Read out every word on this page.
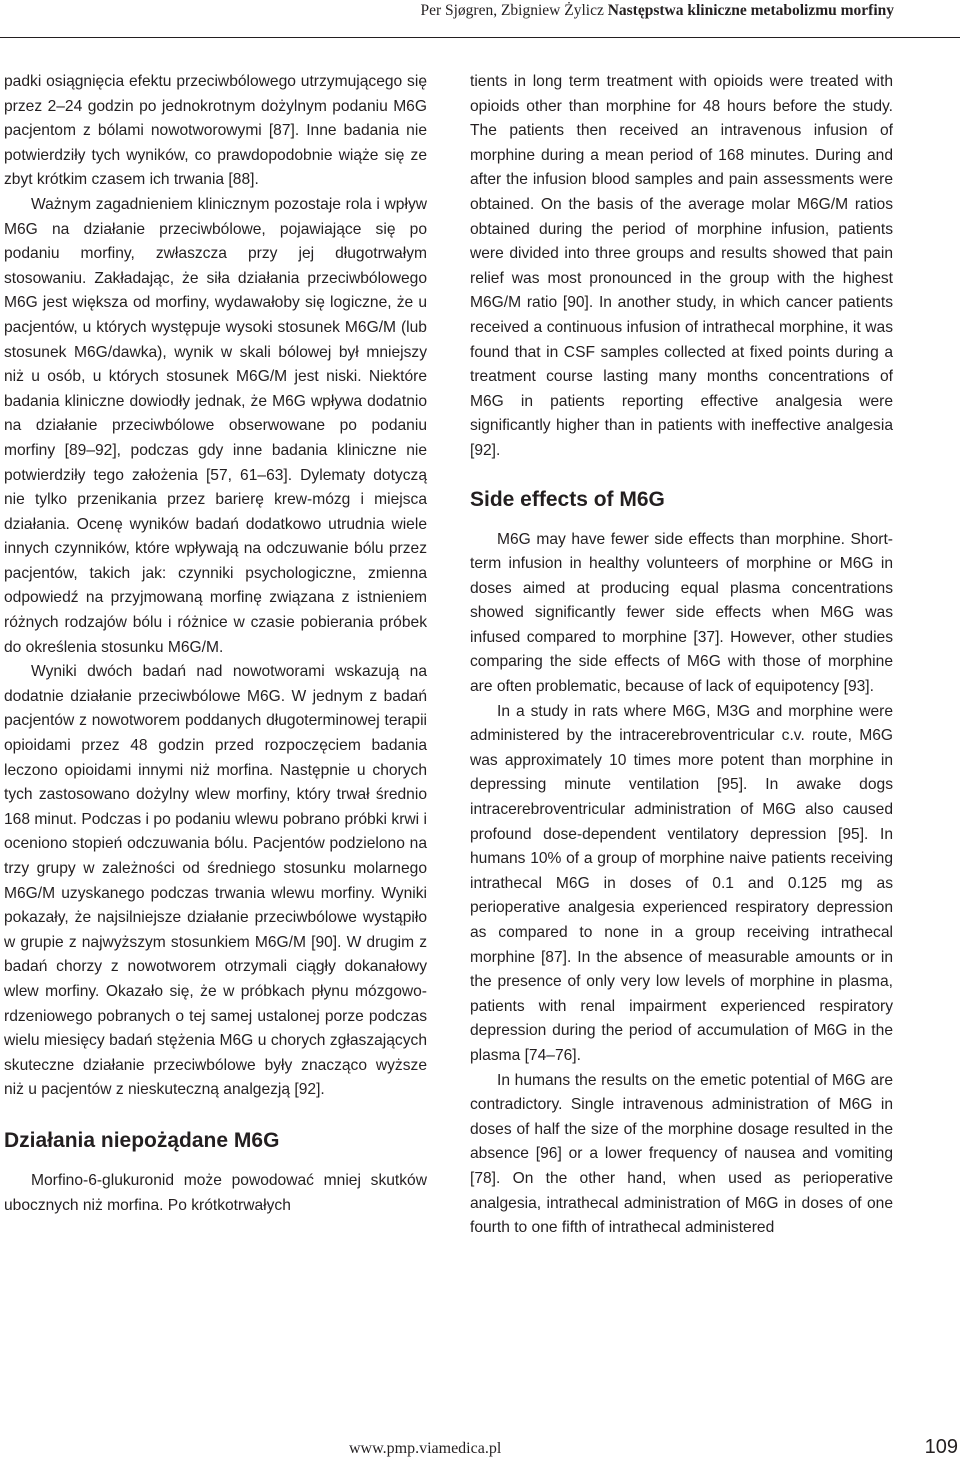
Per Sjøgren, Zbigniew Żylicz Następstwa kliniczne metabolizmu morfiny

padki osiągnięcia efektu przeciwbólowego utrzymującego się przez 2–24 godzin po jednokrotnym dożylnym podaniu M6G pacjentom z bólami nowotworowymi [87]. Inne badania nie potwierdziły tych wyników, co prawdopodobnie wiąże się ze zbyt krótkim czasem ich trwania [88].

Ważnym zagadnieniem klinicznym pozostaje rola i wpływ M6G na działanie przeciwbólowe, pojawiające się po podaniu morfiny, zwłaszcza przy jej długotrwałym stosowaniu. Zakładając, że siła działania przeciwbólowego M6G jest większa od morfiny, wydawałoby się logiczne, że u pacjentów, u których występuje wysoki stosunek M6G/M (lub stosunek M6G/dawka), wynik w skali bólowej był mniejszy niż u osób, u których stosunek M6G/M jest niski. Niektóre badania kliniczne dowiodły jednak, że M6G wpływa dodatnio na działanie przeciwbólowe obserwowane po podaniu morfiny [89–92], podczas gdy inne badania kliniczne nie potwierdziły tego założenia [57, 61–63]. Dylematy dotyczą nie tylko przenikania przez barierę krew-mózg i miejsca działania. Ocenę wyników badań dodatkowo utrudnia wiele innych czynników, które wpływają na odczuwanie bólu przez pacjentów, takich jak: czynniki psychologiczne, zmienna odpowiedź na przyjmowaną morfinę związana z istnieniem różnych rodzajów bólu i różnice w czasie pobierania próbek do określenia stosunku M6G/M.

Wyniki dwóch badań nad nowotworami wskazują na dodatnie działanie przeciwbólowe M6G. W jednym z badań pacjentów z nowotworem poddanych długoterminowej terapii opioidami przez 48 godzin przed rozpoczęciem badania leczono opioidami innymi niż morfina. Następnie u chorych tych zastosowano dożylny wlew morfiny, który trwał średnio 168 minut. Podczas i po podaniu wlewu pobrano próbki krwi i oceniono stopień odczuwania bólu. Pacjentów podzielono na trzy grupy w zależności od średniego stosunku molarnego M6G/M uzyskanego podczas trwania wlewu morfiny. Wyniki pokazały, że najsilniejsze działanie przeciwbólowe wystąpiło w grupie z najwyższym stosunkiem M6G/M [90]. W drugim z badań chorzy z nowotworem otrzymali ciągły dokanałowy wlew morfiny. Okazało się, że w próbkach płynu mózgowo-rdzeniowego pobranych o tej samej ustalonej porze podczas wielu miesięcy badań stężenia M6G u chorych zgłaszających skuteczne działanie przeciwbólowe były znacząco wyższe niż u pacjentów z nieskuteczną analgezją [92].

Działania niepożądane M6G

Morfino-6-glukuronid może powodować mniej skutków ubocznych niż morfina. Po krótkotrwałych

tients in long term treatment with opioids were treated with opioids other than morphine for 48 hours before the study. The patients then received an intravenous infusion of morphine during a mean period of 168 minutes. During and after the infusion blood samples and pain assessments were obtained. On the basis of the average molar M6G/M ratios obtained during the period of morphine infusion, patients were divided into three groups and results showed that pain relief was most pronounced in the group with the highest M6G/M ratio [90]. In another study, in which cancer patients received a continuous infusion of intrathecal morphine, it was found that in CSF samples collected at fixed points during a treatment course lasting many months concentrations of M6G in patients reporting effective analgesia were significantly higher than in patients with ineffective analgesia [92].

Side effects of M6G

M6G may have fewer side effects than morphine. Short-term infusion in healthy volunteers of morphine or M6G in doses aimed at producing equal plasma concentrations showed significantly fewer side effects when M6G was infused compared to morphine [37]. However, other studies comparing the side effects of M6G with those of morphine are often problematic, because of lack of equipotency [93].

In a study in rats where M6G, M3G and morphine were administered by the intracerebroventricular c.v. route, M6G was approximately 10 times more potent than morphine in depressing minute ventilation [95]. In awake dogs intracerebroventricular administration of M6G also caused profound dose-dependent ventilatory depression [95]. In humans 10% of a group of morphine naive patients receiving intrathecal M6G in doses of 0.1 and 0.125 mg as perioperative analgesia experienced respiratory depression as compared to none in a group receiving intrathecal morphine [87]. In the absence of measurable amounts or in the presence of only very low levels of morphine in plasma, patients with renal impairment experienced respiratory depression during the period of accumulation of M6G in the plasma [74–76].

In humans the results on the emetic potential of M6G are contradictory. Single intravenous administration of M6G in doses of half the size of the morphine dosage resulted in the absence [96] or a lower frequency of nausea and vomiting [78]. On the other hand, when used as perioperative analgesia, intrathecal administration of M6G in doses of one fourth to one fifth of intrathecal administered

www.pmp.viamedica.pl	109
